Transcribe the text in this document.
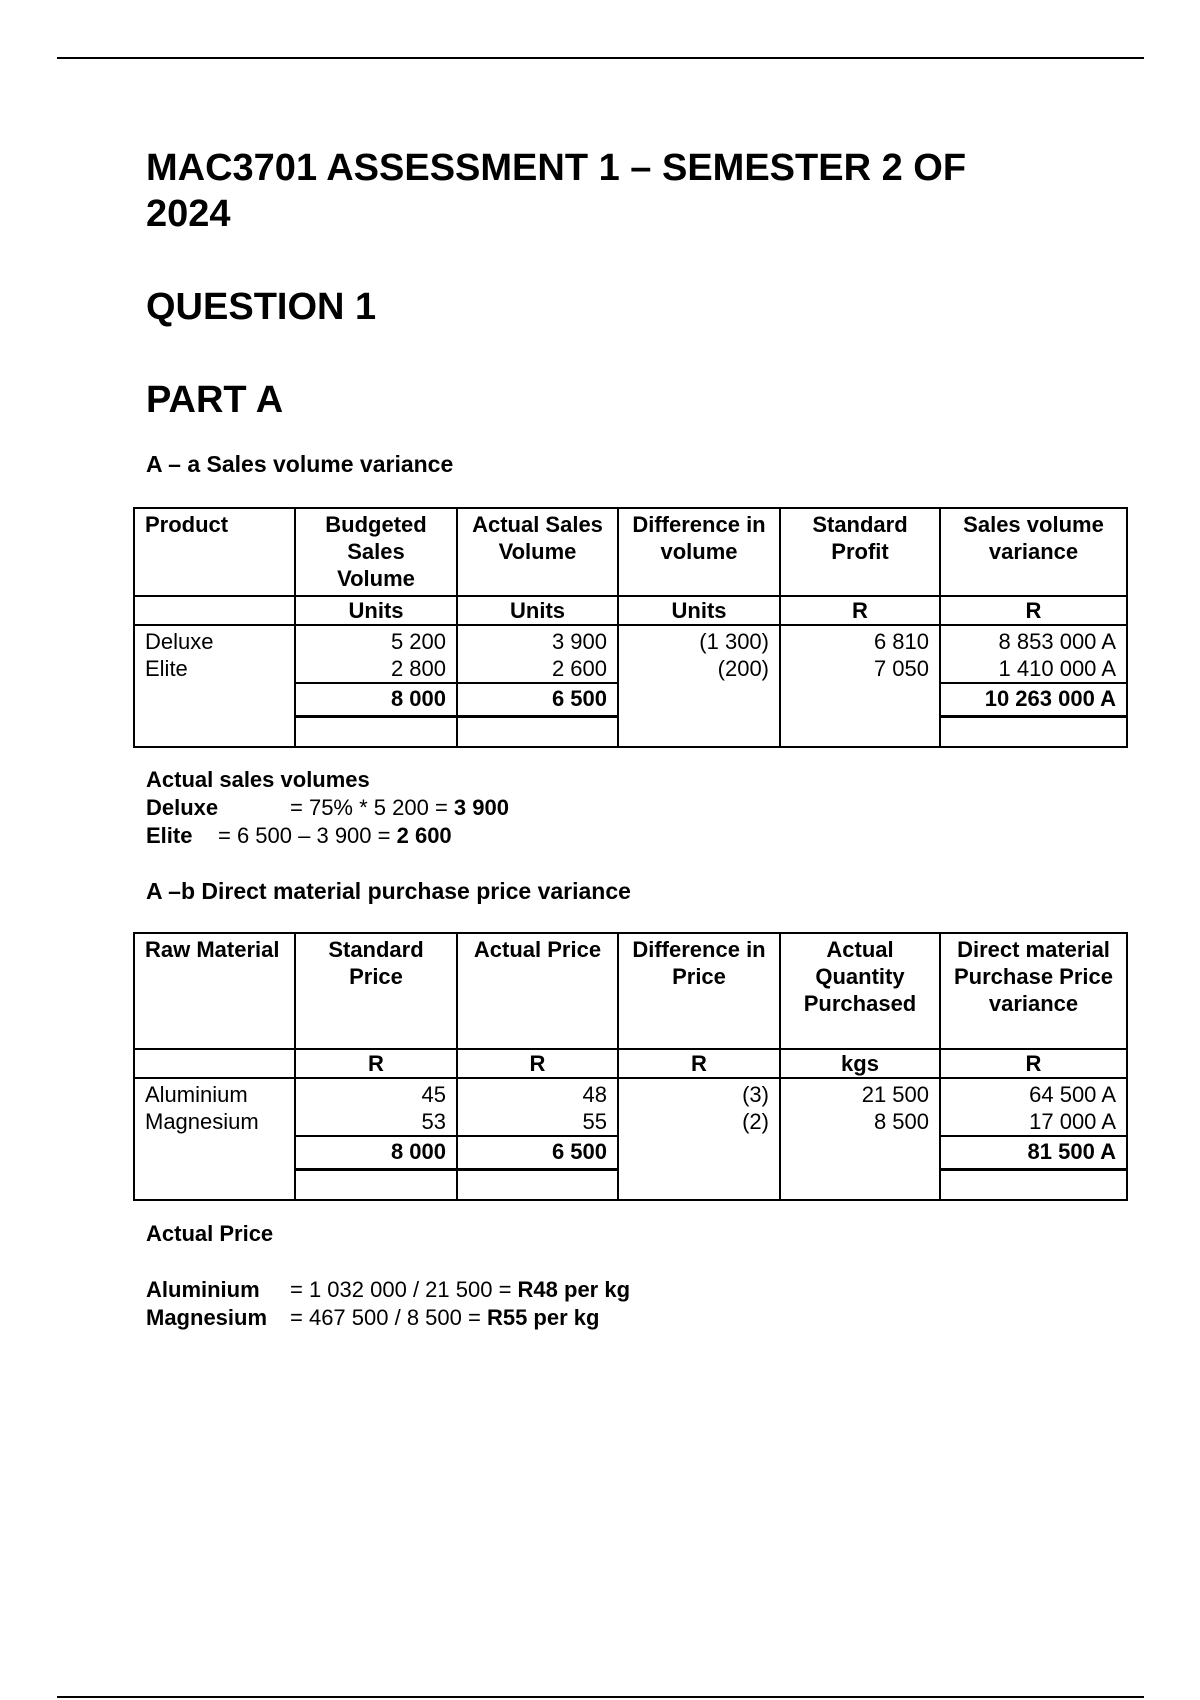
MAC3701 ASSESSMENT 1 – SEMESTER 2 OF 2024
QUESTION 1
PART A
A – a Sales volume variance
Product	Budgeted Sales Volume	Actual Sales Volume	Difference in volume	Standard Profit	Sales volume variance
	Units	Units	Units	R	R
Deluxe	5 200	3 900	(1 300)	6 810	8 853 000 A
Elite	2 800	2 600	(200)	7 050	1 410 000 A
	8 000	6 500			10 263 000 A

Actual sales volumes
Deluxe	= 75% * 5 200 = 3 900
Elite = 6 500 – 3 900 = 2 600
A –b Direct material purchase price variance
Raw Material	Standard Price	Actual Price	Difference in Price	Actual Quantity Purchased	Direct material Purchase Price variance
	R	R	R	kgs	R
Aluminium	45	48	(3)	21 500	64 500 A
Magnesium	53	55	(2)	8 500	17 000 A
	8 000	6 500			81 500 A

Actual Price
Aluminium = 1 032 000 / 21 500 = R48 per kg
Magnesium = 467 500 / 8 500 = R55 per kg
